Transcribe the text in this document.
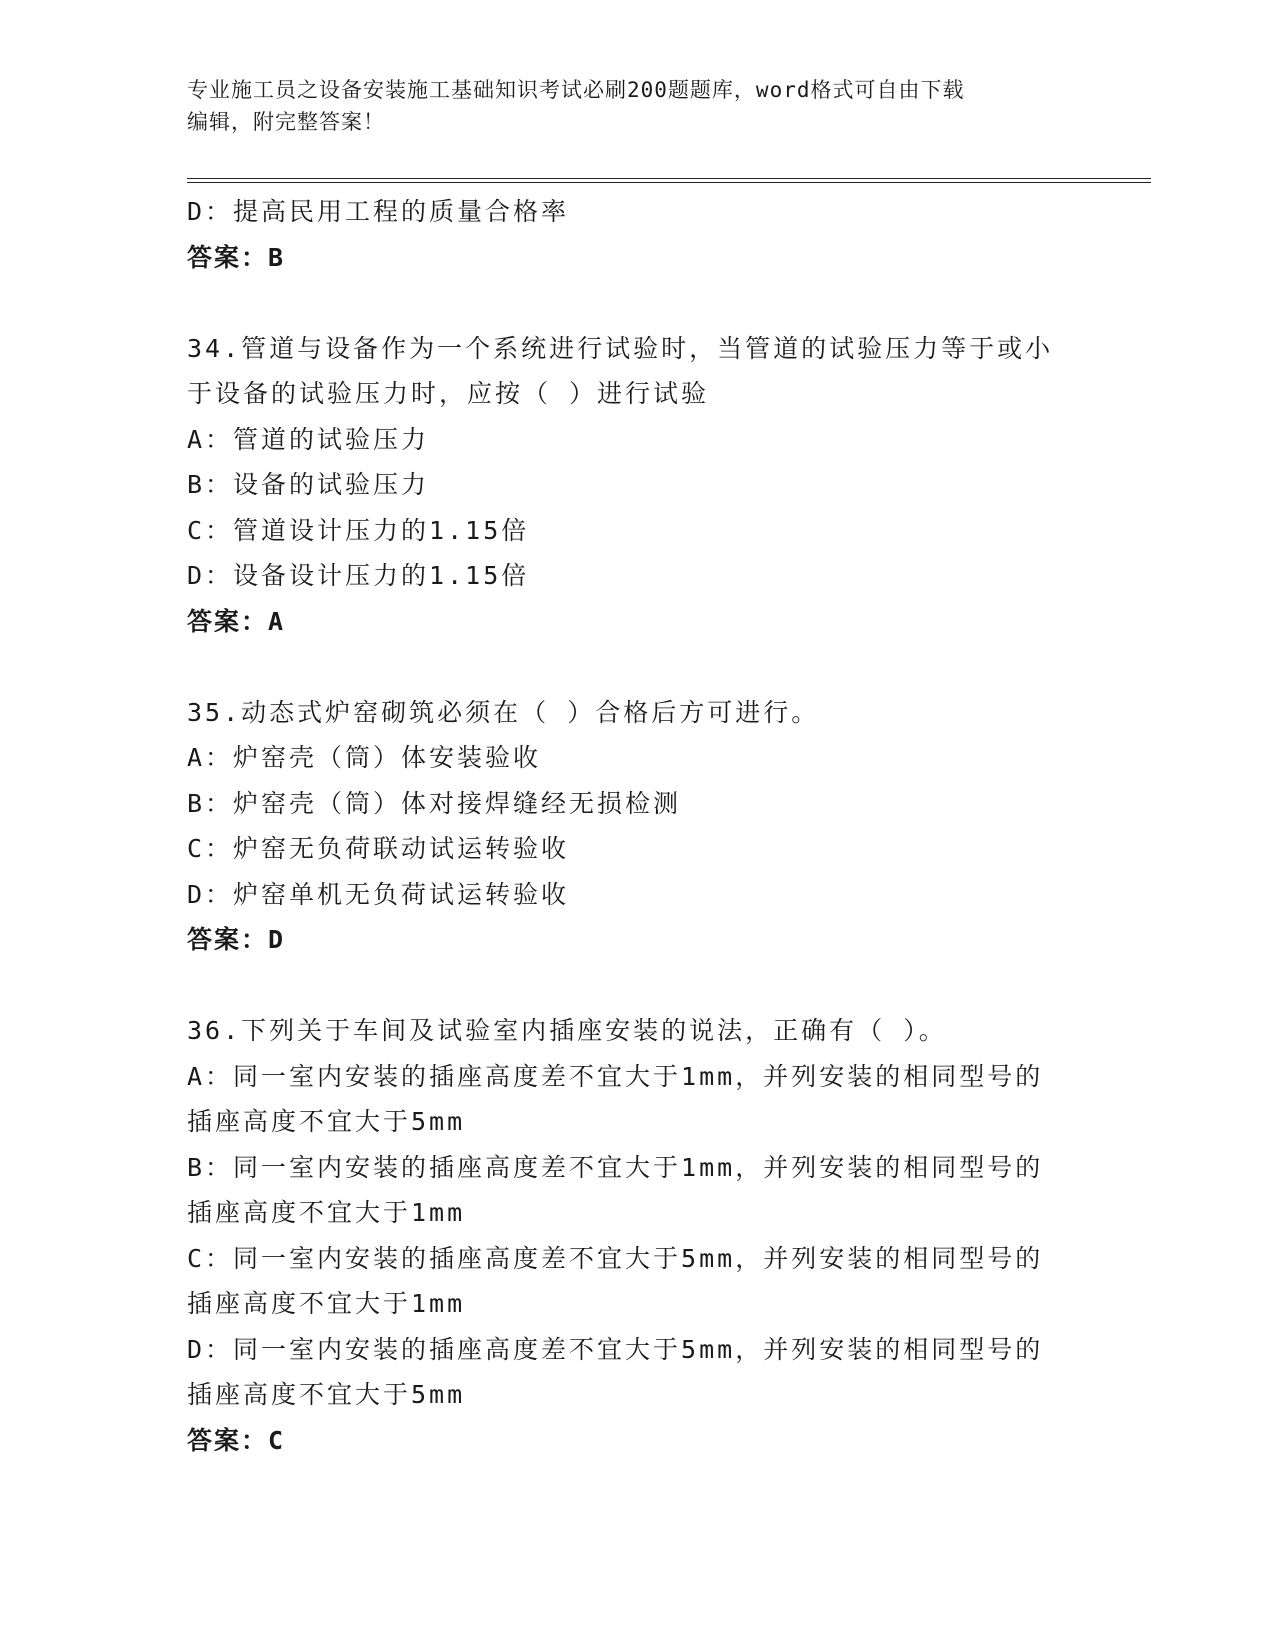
专业施工员之设备安装施工基础知识考试必刷200题题库，word格式可自由下载
编辑，附完整答案！
D：提高民用工程的质量合格率
答案：B
34.管道与设备作为一个系统进行试验时，当管道的试验压力等于或小
于设备的试验压力时，应按（ ）进行试验
A：管道的试验压力
B：设备的试验压力
C：管道设计压力的1.15倍
D：设备设计压力的1.15倍
答案：A
35.动态式炉窑砌筑必须在（ ）合格后方可进行。
A：炉窑壳（筒）体安装验收
B：炉窑壳（筒）体对接焊缝经无损检测
C：炉窑无负荷联动试运转验收
D：炉窑单机无负荷试运转验收
答案：D
36.下列关于车间及试验室内插座安装的说法，正确有（ ）。
A：同一室内安装的插座高度差不宜大于1mm，并列安装的相同型号的
插座高度不宜大于5mm
B：同一室内安装的插座高度差不宜大于1mm，并列安装的相同型号的
插座高度不宜大于1mm
C：同一室内安装的插座高度差不宜大于5mm，并列安装的相同型号的
插座高度不宜大于1mm
D：同一室内安装的插座高度差不宜大于5mm，并列安装的相同型号的
插座高度不宜大于5mm
答案：C
